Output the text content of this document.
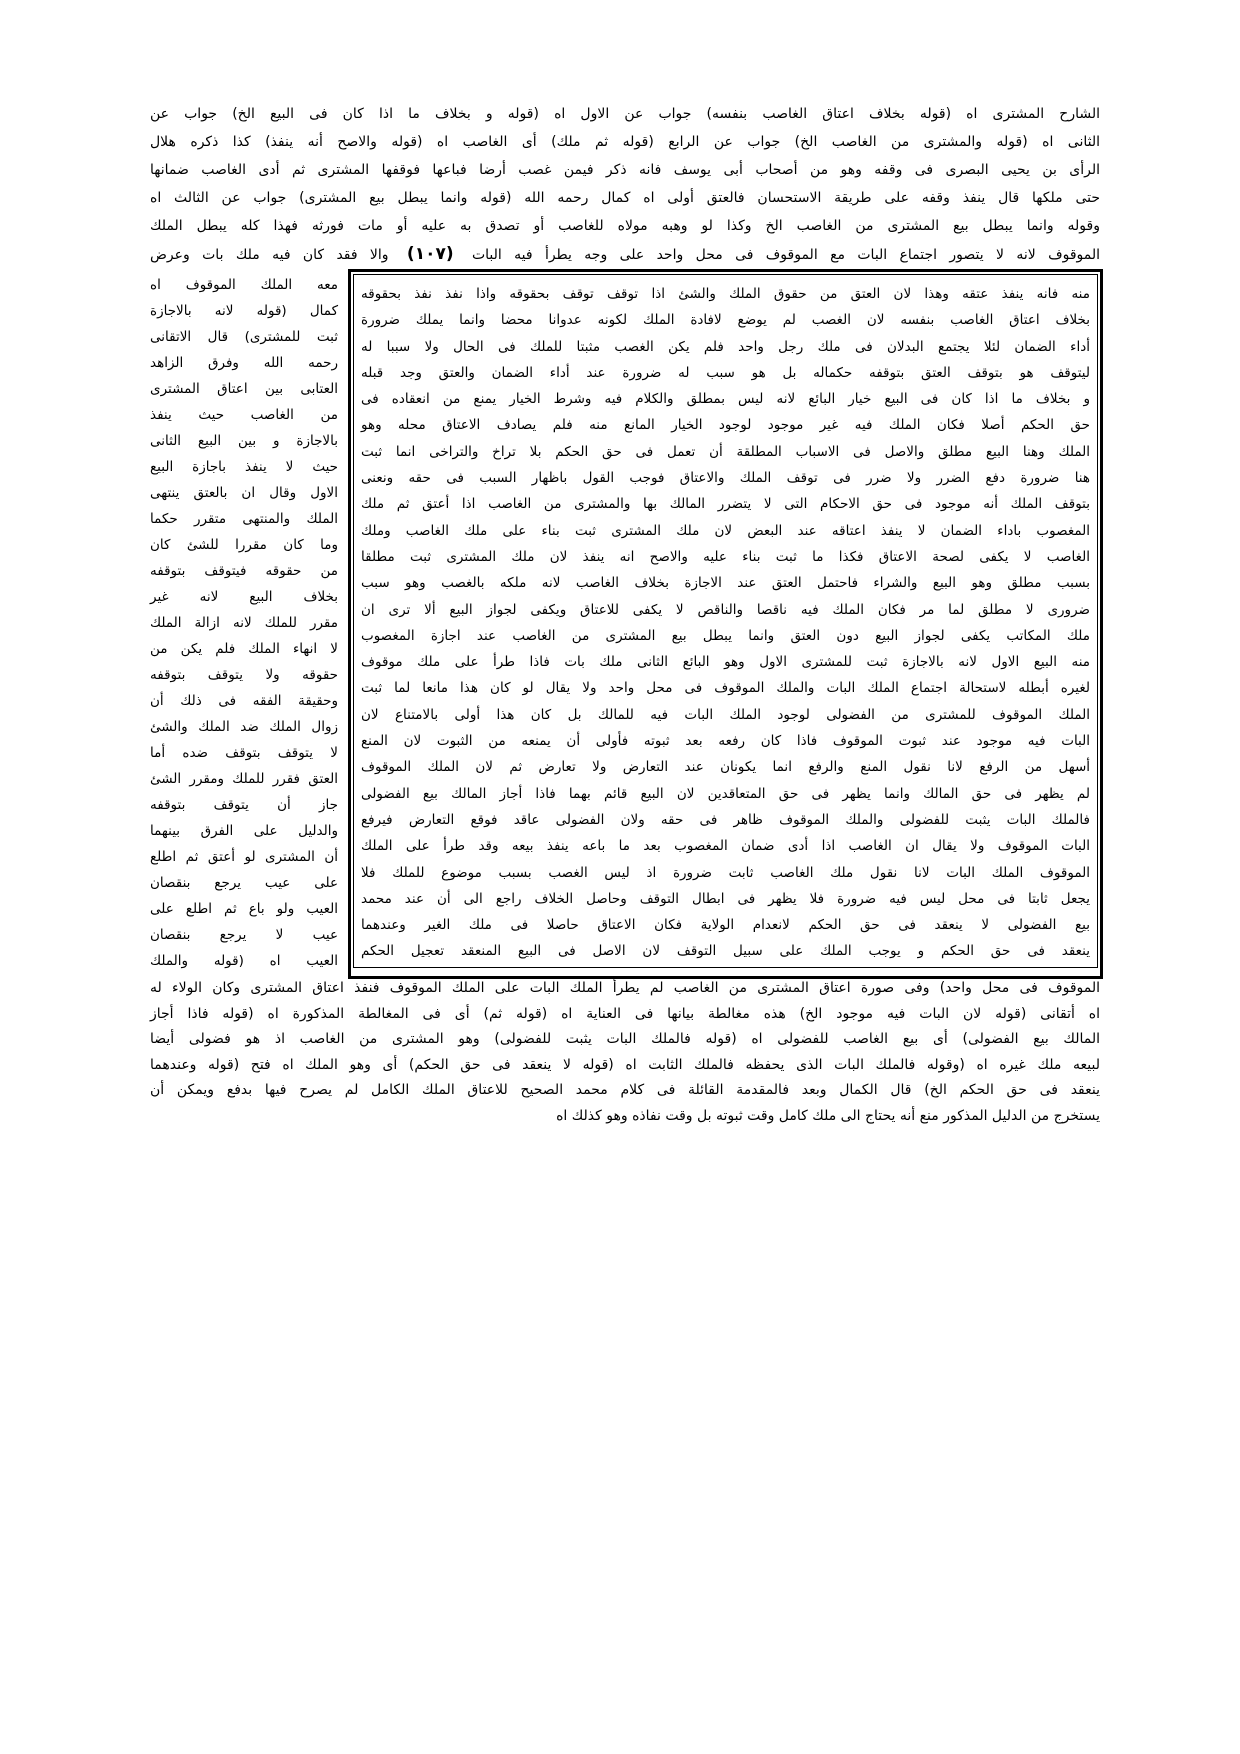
الشارح المشترى اه (قوله بخلاف اعتاق الغاصب بنفسه) جواب عن الاول اه (قوله و بخلاف ما اذا كان فى البيع الخ) جواب عن
الثانى اه (قوله والمشترى من الغاصب الخ) جواب عن الرابع (قوله ثم ملك) أى الغاصب اه (قوله والاصح أنه ينفذ) كذا ذكره هلال
الرأى بن يحيى البصرى فى وقفه وهو من أصحاب أبى يوسف فانه ذكر فيمن غصب أرضا فباعها فوقفها المشترى ثم أدى الغاصب ضمانها
حتى ملكها قال ينفذ وقفه على طريقة الاستحسان فالعتق أولى اه كمال رحمه الله (قوله وانما يبطل بيع المشترى) جواب عن الثالث اه
وقوله وانما يبطل بيع المشترى من الغاصب الخ وكذا لو وهبه مولاه للغاصب أو تصدق به عليه أو مات فورثه فهذا كله يبطل الملك
الموقوف لانه لا يتصور اجتماع البات مع الموقوف فى محل واحد على وجه يطرأ فيه البات (١٠٧) والا فقد كان فيه ملك بات وعرض
معه الملك الموقوف اه
كمال (قوله لانه بالاجازة
ثبت للمشترى) قال الاتقانى
رحمه الله وفرق الزاهد
العتابى بين اعتاق المشترى
من الغاصب حيث ينفذ
بالاجازة و بين البيع الثانى
حيث لا ينفذ باجازة البيع
الاول وقال ان بالعتق ينتهى
الملك والمنتهى متقرر حكما
وما كان مقررا للشئ كان
من حقوقه فيتوقف بتوقفه
بخلاف البيع لانه غير
مقرر للملك لانه ازالة الملك
لا انهاء الملك فلم يكن من
حقوقه ولا يتوقف بتوقفه
وحقيقة الفقه فى ذلك أن
زوال الملك ضد الملك والشئ
لا يتوقف بتوقف ضده أما
العتق فقرر للملك ومقرر الشئ
جاز أن يتوقف بتوقفه
والدليل على الفرق بينهما
أن المشترى لو أعتق ثم اطلع
على عيب يرجع بنقصان
العيب ولو باع ثم اطلع على
عيب لا يرجع بنقصان
العيب اه (قوله والملك
منه فانه ينفذ عتقه وهذا لان العتق من حقوق الملك والشئ اذا توقف توقف بحقوقه واذا نفذ نفذ بحقوقه
بخلاف اعتاق الغاصب بنفسه لان الغصب لم يوضع لافادة الملك لكونه عدوانا محضا وانما يملك ضرورة
أداء الضمان لئلا يجتمع البدلان فى ملك رجل واحد فلم يكن الغصب مثبتا للملك فى الحال ولا سببا له
ليتوقف هو بتوقف العتق بتوقفه حكماله بل هو سبب له ضرورة عند أداء الضمان والعتق وجد قبله
و بخلاف ما اذا كان فى البيع خيار البائع لانه ليس بمطلق والكلام فيه وشرط الخيار يمنع من انعقاده فى
حق الحكم أصلا فكان الملك فيه غير موجود لوجود الخيار المانع منه فلم يصادف الاعتاق محله وهو
الملك وهنا البيع مطلق والاصل فى الاسباب المطلقة أن تعمل فى حق الحكم بلا تراخ والتراخى انما ثبت
هنا ضرورة دفع الضرر ولا ضرر فى توقف الملك والاعتاق فوجب القول باظهار السبب فى حقه ونعنى
بتوقف الملك أنه موجود فى حق الاحكام التى لا يتضرر المالك بها والمشترى من الغاصب اذا أعتق ثم ملك
المغصوب باداء الضمان لا ينفذ اعتاقه عند البعض لان ملك المشترى ثبت بناء على ملك الغاصب وملك
الغاصب لا يكفى لصحة الاعتاق فكذا ما ثبت بناء عليه والاصح انه ينفذ لان ملك المشترى ثبت مطلقا
بسبب مطلق وهو البيع والشراء فاحتمل العتق عند الاجازة بخلاف الغاصب لانه ملكه بالغصب وهو سبب
ضرورى لا مطلق لما مر فكان الملك فيه ناقصا والناقص لا يكفى للاعتاق ويكفى لجواز البيع ألا ترى ان
ملك المكاتب يكفى لجواز البيع دون العتق وانما يبطل بيع المشترى من الغاصب عند اجازة المغصوب
منه البيع الاول لانه بالاجازة ثبت للمشترى الاول وهو البائع الثانى ملك بات فاذا طرأ على ملك موقوف
لغيره أبطله لاستحالة اجتماع الملك البات والملك الموقوف فى محل واحد ولا يقال لو كان هذا مانعا لما ثبت
الملك الموقوف للمشترى من الفضولى لوجود الملك البات فيه للمالك بل كان هذا أولى بالامتناع لان
البات فيه موجود عند ثبوت الموقوف فاذا كان رفعه بعد ثبوته فأولى أن يمنعه من الثبوت لان المنع
أسهل من الرفع لانا نقول المنع والرفع انما يكونان عند التعارض ولا تعارض ثم لان الملك الموقوف
لم يظهر فى حق المالك وانما يظهر فى حق المتعاقدين لان البيع قائم بهما فاذا أجاز المالك بيع الفضولى
فالملك البات يثبت للفضولى والملك الموقوف ظاهر فى حقه ولان الفضولى عاقد فوقع التعارض فيرفع
البات الموقوف ولا يقال ان الغاصب اذا أدى ضمان المغصوب بعد ما باعه ينفذ بيعه وقد طرأ على الملك
الموقوف الملك البات لانا نقول ملك الغاصب ثابت ضرورة اذ ليس الغصب بسبب موضوع للملك فلا
يجعل ثابتا فى محل ليس فيه ضرورة فلا يظهر فى ابطال التوقف وحاصل الخلاف راجع الى أن عند محمد
بيع الفضولى لا ينعقد فى حق الحكم لانعدام الولاية فكان الاعتاق حاصلا فى ملك الغير وعندهما
ينعقد فى حق الحكم و يوجب الملك على سبيل التوقف لان الاصل فى البيع المنعقد تعجيل الحكم
الموقوف فى محل واحد) وفى صورة اعتاق المشترى من الغاصب لم يطرأ الملك البات على الملك الموقوف فنفذ اعتاق المشترى وكان الولاء له
اه أتقانى (قوله لان البات فيه موجود الخ) هذه مغالطة بيانها فى العناية اه (قوله ثم) أى فى المغالطة المذكورة اه (قوله فاذا أجاز
المالك بيع الفضولى) أى بيع الغاصب للفضولى اه (قوله فالملك البات يثبت للفضولى) وهو المشترى من الغاصب اذ هو فضولى أيضا
لبيعه ملك غيره اه (وقوله فالملك البات الذى يحفظه فالملك الثابت اه (قوله لا ينعقد فى حق الحكم) أى وهو الملك اه فتح (قوله وعندهما
ينعقد فى حق الحكم الخ) قال الكمال وبعد فالمقدمة القائلة فى كلام محمد الصحيح للاعتاق الملك الكامل لم يصرح فيها بدفع ويمكن أن
يستخرج من الدليل المذكور منع أنه يحتاج الى ملك كامل وقت ثبوته بل وقت نفاذه وهو كذلك اه
